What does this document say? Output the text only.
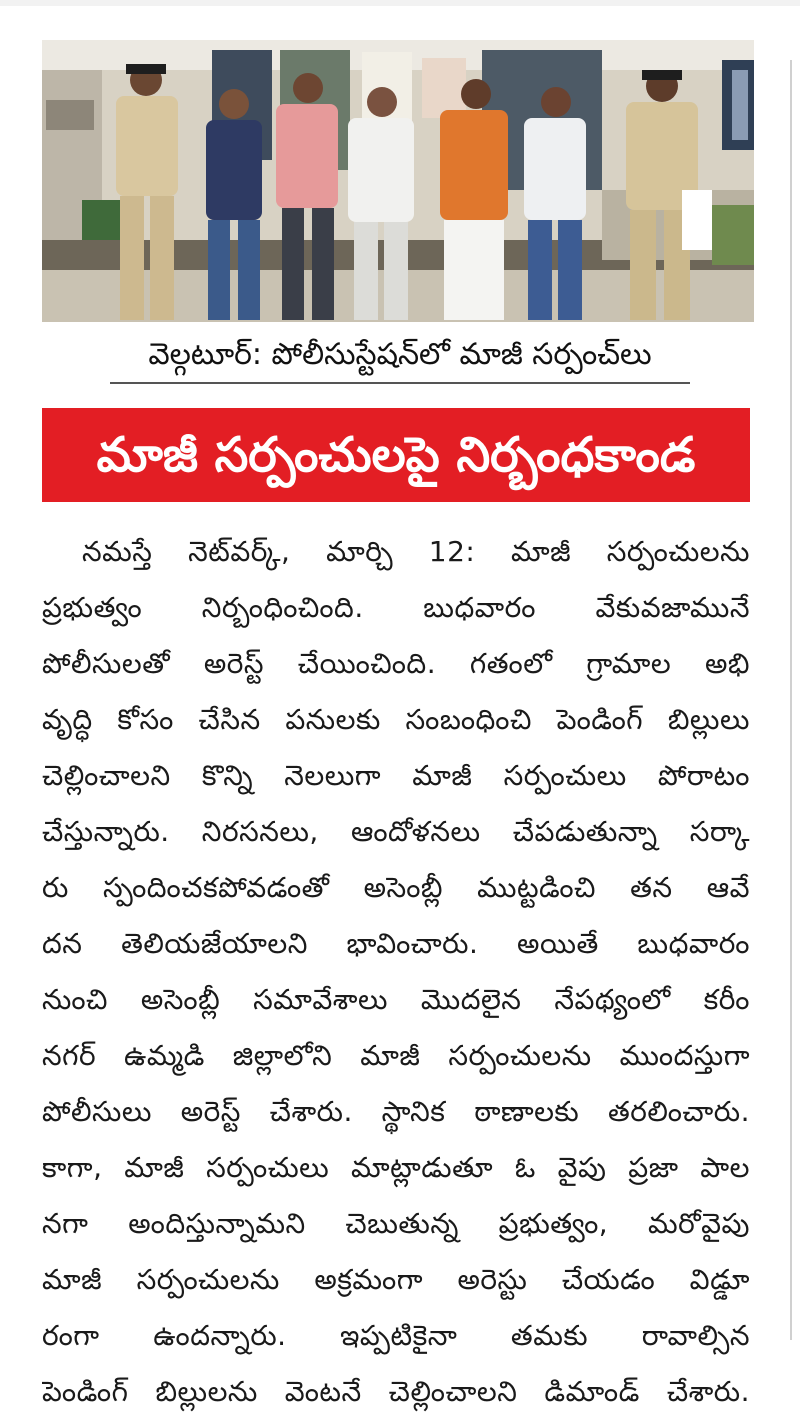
వెల్గటూర్: పోలీసుస్టేషన్‌లో మాజీ సర్పంచ్‌లు
మాజీ సర్పంచులపై నిర్బంధకాండ
నమస్తే నెట్‌వర్క్, మార్చి 12: మాజీ సర్పంచులను
ప్రభుత్వం నిర్బంధించింది. బుధవారం వేకువజామునే
పోలీసులతో అరెస్ట్ చేయించింది. గతంలో గ్రామాల అభి
వృద్ధి కోసం చేసిన పనులకు సంబంధించి పెండింగ్ బిల్లులు
చెల్లించాలని కొన్ని నెలలుగా మాజీ సర్పంచులు పోరాటం
చేస్తున్నారు. నిరసనలు, ఆందోళనలు చేపడుతున్నా సర్కా
రు స్పందించకపోవడంతో అసెంబ్లీ ముట్టడించి తన ఆవే
దన తెలియజేయాలని భావించారు. అయితే బుధవారం
నుంచి అసెంబ్లీ సమావేశాలు మొదలైన నేపథ్యంలో కరీం
నగర్ ఉమ్మడి జిల్లాలోని మాజీ సర్పంచులను ముందస్తుగా
పోలీసులు అరెస్ట్ చేశారు. స్థానిక ఠాణాలకు తరలించారు.
కాగా, మాజీ సర్పంచులు మాట్లాడుతూ ఓ వైపు ప్రజా పాల
నగా అందిస్తున్నామని చెబుతున్న ప్రభుత్వం, మరోవైపు
మాజీ సర్పంచులను అక్రమంగా అరెస్టు చేయడం విడ్డూ
రంగా ఉందన్నారు. ఇప్పటికైనా తమకు రావాల్సిన
పెండింగ్ బిల్లులను వెంటనే చెల్లించాలని డిమాండ్ చేశారు.
